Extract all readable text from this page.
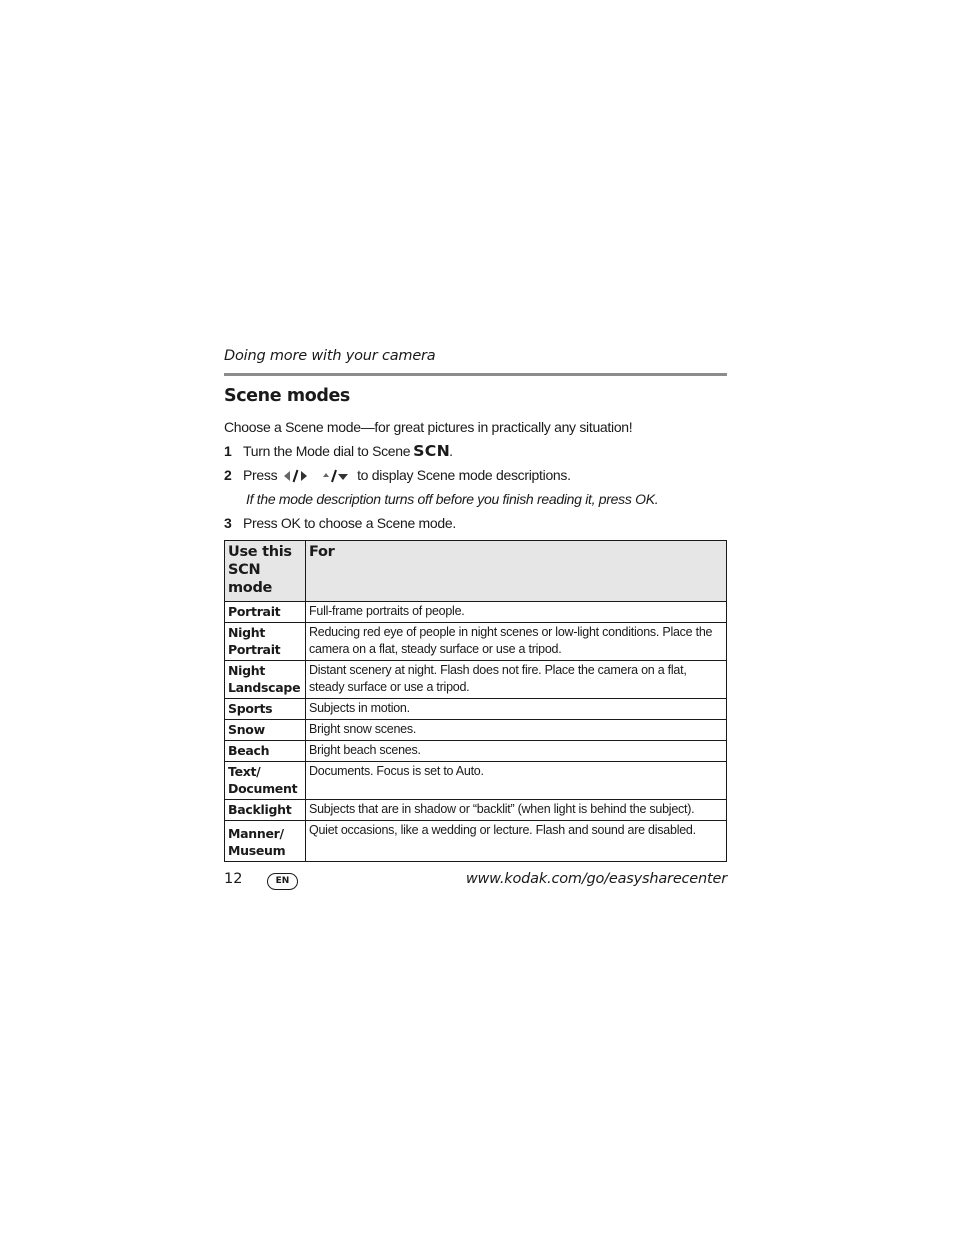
Doing more with your camera
Scene modes
Choose a Scene mode—for great pictures in practically any situation!
1 Turn the Mode dial to Scene SCN.
2 Press	to display Scene mode descriptions.
If the mode description turns off before you finish reading it, press OK.
3 Press OK to choose a Scene mode.
Use this
SCN mode	For
Portrait	Full-frame portraits of people.
Night Portrait	Reducing red eye of people in night scenes or low-light conditions. Place the camera on a flat, steady surface or use a tripod.
Night Landscape	Distant scenery at night. Flash does not fire. Place the camera on a flat, steady surface or use a tripod.
Sports	Subjects in motion.
Snow	Bright snow scenes.
Beach	Bright beach scenes.
Text/ Document	Documents. Focus is set to Auto.
Backlight	Subjects that are in shadow or “backlit” (when light is behind the subject).
Manner/ Museum	Quiet occasions, like a wedding or lecture. Flash and sound are disabled.
12	EN	www.kodak.com/go/easysharecenter
